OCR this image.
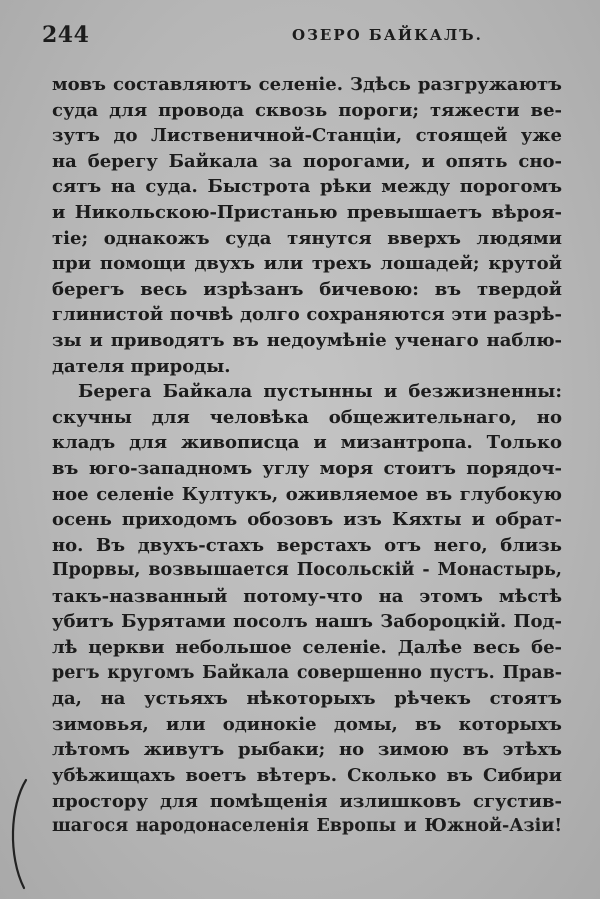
244	ОЗЕРО БАЙКАЛЪ.
мовъ составляютъ селеніе. Здѣсь разгружаютъ
суда для провода сквозь пороги; тяжести ве-
зутъ до Лиственичной-Станціи, стоящей уже
на берегу Байкала за порогами, и опять сно-
сятъ на суда. Быстрота рѣки между порогомъ
и Никольскою-Пристанью превышаетъ вѣроя-
тіе; однакожъ суда тянутся вверхъ людями
при помощи двухъ или трехъ лошадей; крутой
берегъ весь изрѣзанъ бичевою: въ твердой
глинистой почвѣ долго сохраняются эти разрѣ-
зы и приводятъ въ недоумѣніе ученаго наблю-
дателя природы.
Берега Байкала пустынны и безжизненны:
скучны для человѣка общежительнаго, но
кладъ для живописца и мизантропа. Только
въ юго-западномъ углу моря стоитъ порядоч-
ное селеніе Култукъ, оживляемое въ глубокую
осень приходомъ обозовъ изъ Кяхты и обрат-
но. Въ двухъ-стахъ верстахъ отъ него, близь
Прорвы, возвышается Посольскій - Монастырь,
такъ-названный потому-что на этомъ мѣстѣ
убитъ Бурятами посолъ нашъ Забороцкій. Под-
лѣ церкви небольшое селеніе. Далѣе весь бе-
регъ кругомъ Байкала совершенно пустъ. Прав-
да, на устьяхъ нѣкоторыхъ рѣчекъ стоятъ
зимовья, или одинокіе домы, въ которыхъ
лѣтомъ живутъ рыбаки; но зимою въ этѣхъ
убѣжищахъ воетъ вѣтеръ. Сколько въ Сибири
простору для помѣщенія излишковъ сгустив-
шагося народонаселенія Европы и Южной-Азіи!
